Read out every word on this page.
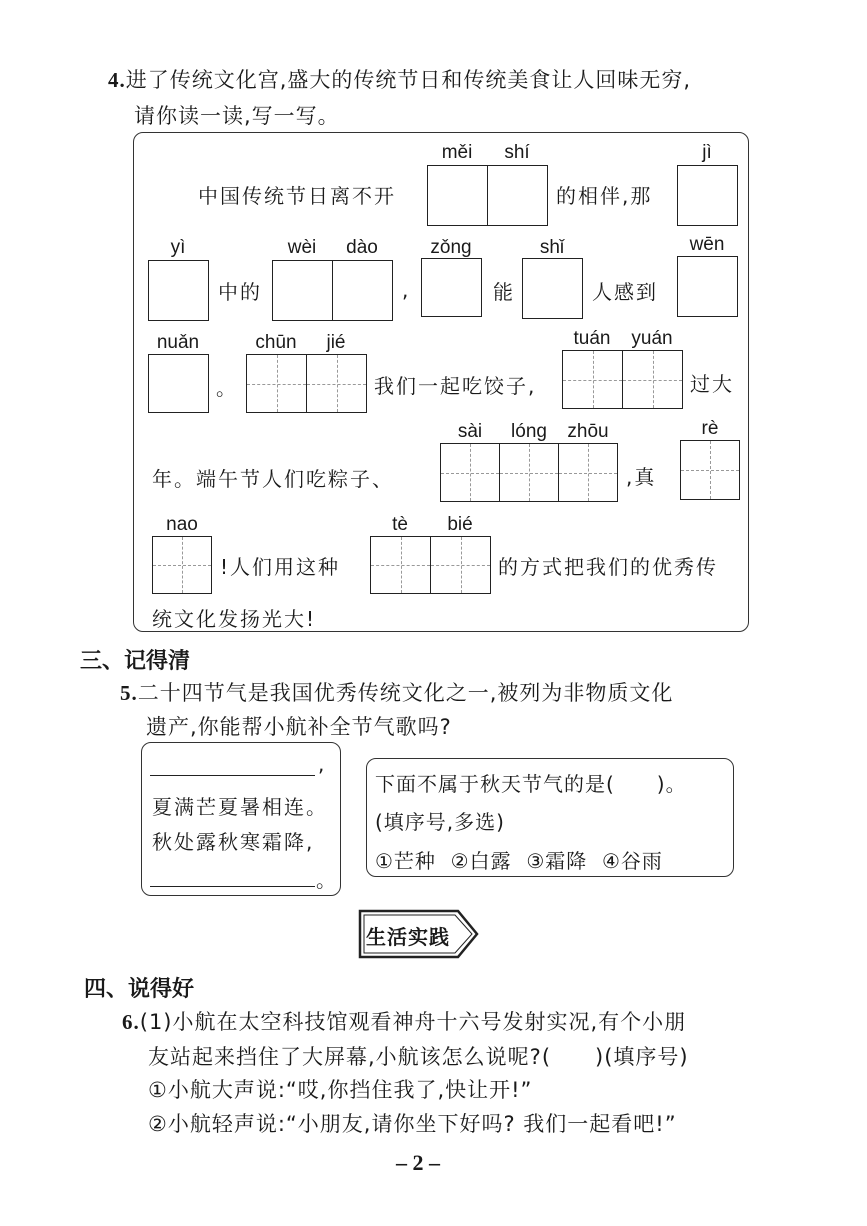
4.进了传统文化宫,盛大的传统节日和传统美食让人回味无穷,
请你读一读,写一写。
měi	shí	jì
中国传统节日离不开	的相伴,那
yì	wèi	dào	zǒng	shǐ	wēn
中的	,	能	人感到
nuǎn	chūn	jié	tuán	yuán
。	我们一起吃饺子,	过大
sài	lóng	zhōu	rè
年。端午节人们吃粽子、	,真
nao	tè	bié
!人们用这种	的方式把我们的优秀传
统文化发扬光大!
三、记得清
5.二十四节气是我国优秀传统文化之一,被列为非物质文化
遗产,你能帮小航补全节气歌吗?
,
夏满芒夏暑相连。
秋处露秋寒霜降,
。
下面不属于秋天节气的是(　　)。
(填序号,多选)
①芒种 ②白露 ③霜降 ④谷雨
生活实践
四、说得好
6.(1)小航在太空科技馆观看神舟十六号发射实况,有个小朋
友站起来挡住了大屏幕,小航该怎么说呢?(　　)(填序号)
①小航大声说:“哎,你挡住我了,快让开!”
②小航轻声说:“小朋友,请你坐下好吗? 我们一起看吧!”
– 2 –
